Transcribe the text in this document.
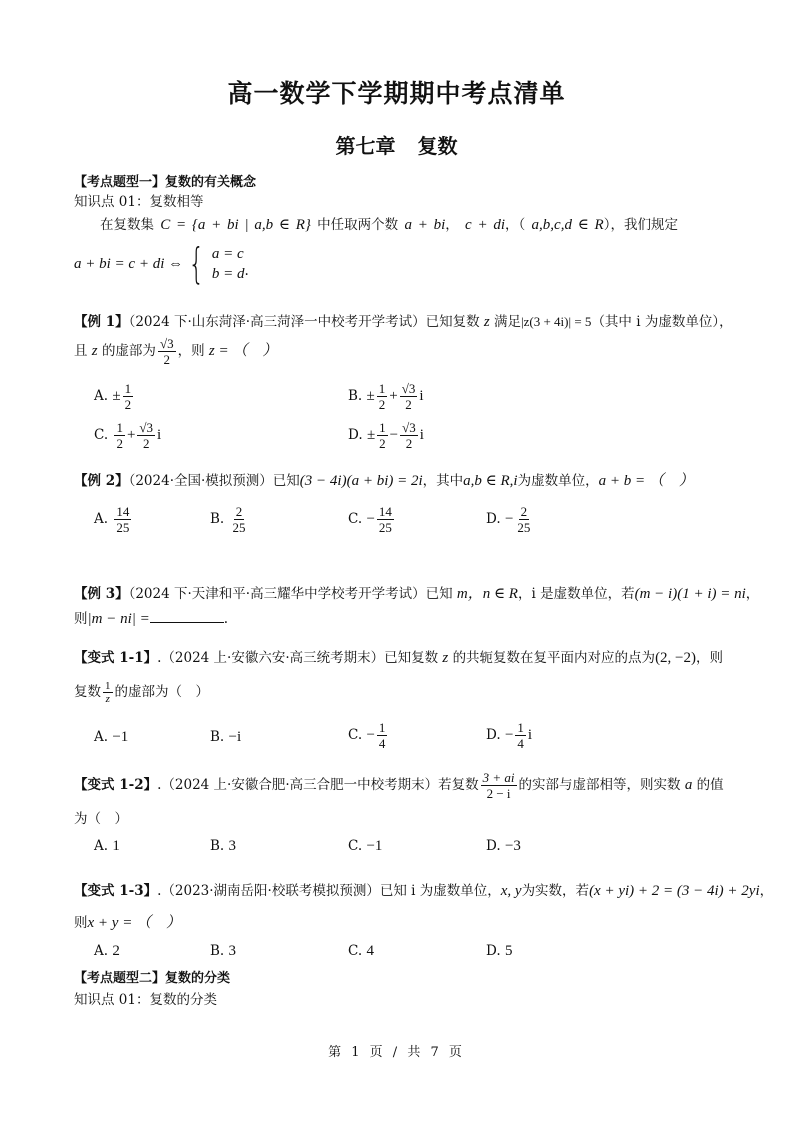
高一数学下学期期中考点清单
第七章 复数
【考点题型一】复数的有关概念
知识点 01：复数相等
在复数集 C = {a + bi | a,b ∈ R} 中任取两个数 a + bi， c + di，（ a,b,c,d ∈ R），我们规定
a + bi = c + di ⇔ { a = c
b = d .
【例 1】（2024 下·山东菏泽·高三菏泽一中校考开学考试）已知复数 z 满足|z(3 + 4i)| = 5（其中 i 为虚数单位），
且 z 的虚部为 $\frac{√3}{2}$ ，则 z = （　）
A. ± $\frac{1}{2}$	B. ± $\frac{1}{2} + \frac{√3}{2}$ i
C. $\frac{1}{2} + \frac{√3}{2}$ i	D. ± $\frac{1}{2} - \frac{√3}{2}$ i
【例 2】（2024·全国·模拟预测）已知(3 − 4i)(a + bi) = 2i，其中a,b ∈ R,i为虚数单位，a + b = （　）
A. $\frac{14}{25}$	B. $\frac{2}{25}$	C. − $\frac{14}{25}$	D. − $\frac{2}{25}$
【例 3】（2024 下·天津和平·高三耀华中学校考开学考试）已知 m，n ∈ R，i 是虚数单位，若(m − i)(1 + i) = ni，
则|m − ni| =	.
【变式 1-1】.（2024 上·安徽六安·高三统考期末）已知复数 z 的共轭复数在复平面内对应的点为(2, −2)，则
复数 $\frac{1}{z}$ 的虚部为（　）
A. −1	B. −i	C. − $\frac{1}{4}$	D. − $\frac{1}{4}$ i
【变式 1-2】.（2024 上·安徽合肥·高三合肥一中校考期末）若复数 $\frac{3 + ai}{2 - i}$ 的实部与虚部相等，则实数 a 的值
为（　）
A. 1	B. 3	C. −1	D. −3
【变式 1-3】.（2023·湖南岳阳·校联考模拟预测）已知 i 为虚数单位，x, y为实数，若(x + yi) + 2 = (3 − 4i) + 2yi，
则x + y = （　）
A. 2	B. 3	C. 4	D. 5
【考点题型二】复数的分类
知识点 01：复数的分类
第 1 页 / 共 7 页
